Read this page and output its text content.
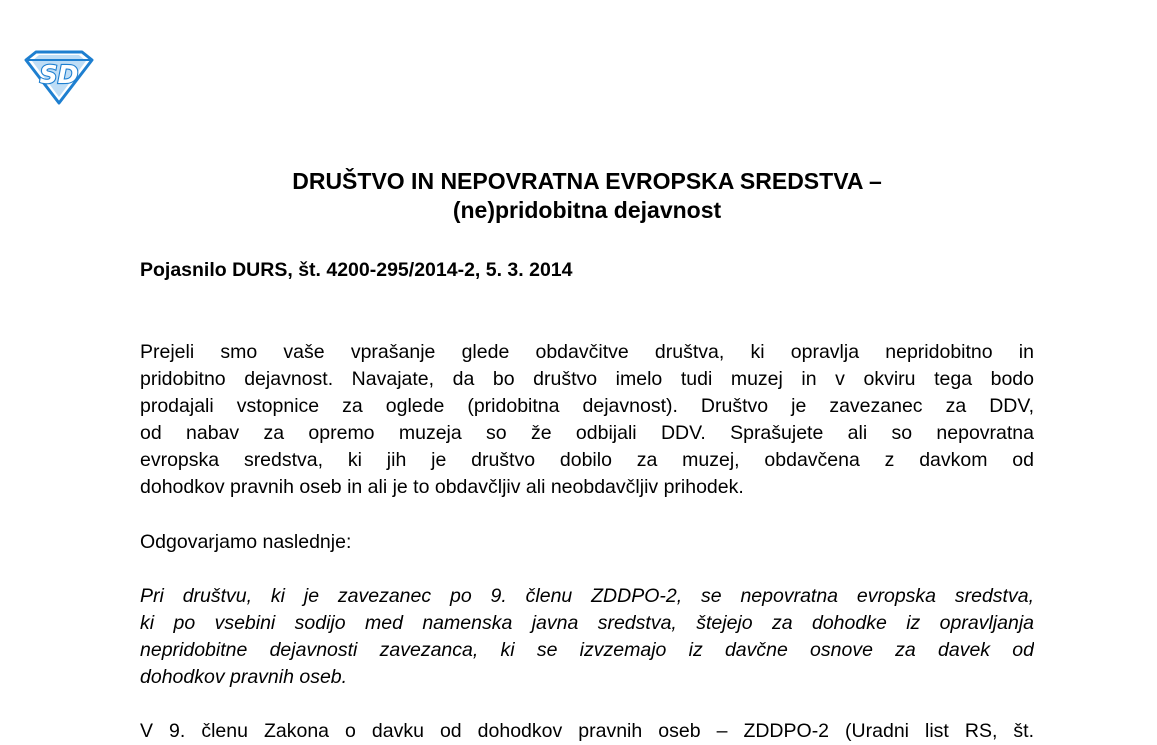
SD
DRUŠTVO IN NEPOVRATNA EVROPSKA SREDSTVA –
(ne)pridobitna dejavnost
Pojasnilo DURS, št. 4200-295/2014-2, 5. 3. 2014
Prejeli smo vaše vprašanje glede obdavčitve društva, ki opravlja nepridobitno in
pridobitno dejavnost. Navajate, da bo društvo imelo tudi muzej in v okviru tega bodo
prodajali vstopnice za oglede (pridobitna dejavnost). Društvo je zavezanec za DDV,
od nabav za opremo muzeja so že odbijali DDV. Sprašujete ali so nepovratna
evropska sredstva, ki jih je društvo dobilo za muzej, obdavčena z davkom od
dohodkov pravnih oseb in ali je to obdavčljiv ali neobdavčljiv prihodek.
Odgovarjamo naslednje:
Pri društvu, ki je zavezanec po 9. členu ZDDPO-2, se nepovratna evropska sredstva,
ki po vsebini sodijo med namenska javna sredstva, štejejo za dohodke iz opravljanja
nepridobitne dejavnosti zavezanca, ki se izvzemajo iz davčne osnove za davek od
dohodkov pravnih oseb.
V 9. členu Zakona o davku od dohodkov pravnih oseb – ZDDPO-2 (Uradni list RS, št.
